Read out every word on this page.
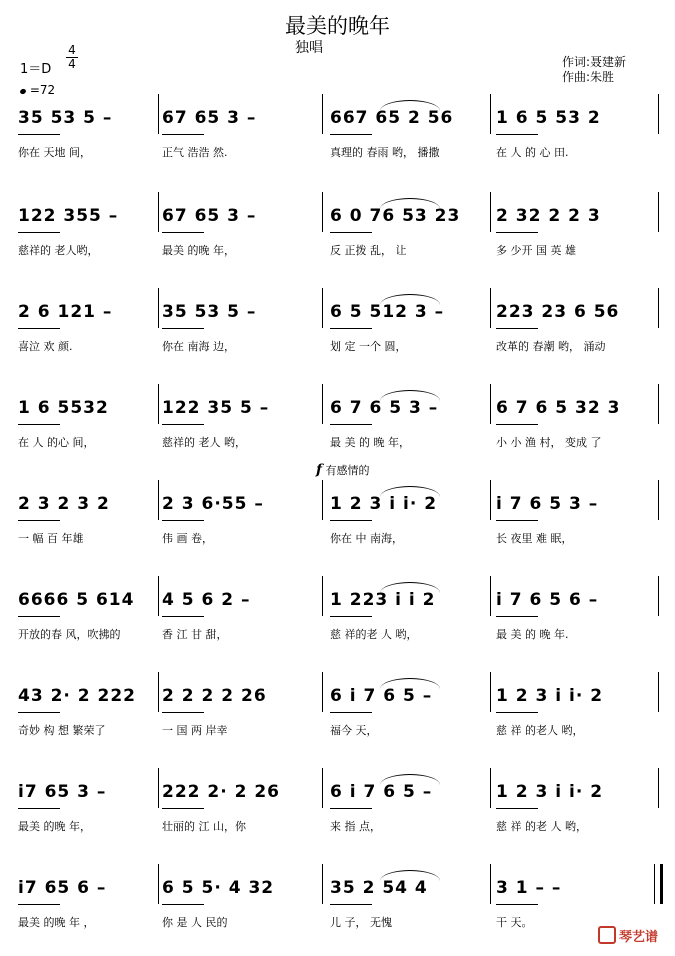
最美的晚年
独唱
1＝D
4
4
=72
作词:聂建新
作曲:朱胜
f 有感情的
35 53 5 –
你在 天地 间，
67 65 3 –
正气 浩浩 然.
667 65 2 56
真理的 春雨 哟， 播撒
1 6 5 53 2
在 人 的 心 田.
122 355 –
慈祥的 老人哟，
67 65 3 –
最美 的晚 年，
6 0 76 53 23
反 正拨 乱， 让
2 32 2 2 3
多 少开 国 英 雄
2 6 121 –
喜泣 欢 颜.
35 53 5 –
你在 南海 边，
6 5 512 3 –
划 定 一个 圆，
223 23 6 56
改革的 春潮 哟， 涌动
1 6 5532
在 人 的心 间，
122 35 5 –
慈祥的 老人 哟，
6 7 6 5 3 –
最 美 的 晚 年，
6 7 6 5 32 3
小 小 渔 村， 变成 了
2 3 2 3 2
一 幅 百 年雄
2 3 6·55 –
伟 画 卷，
1 2 3 i i· 2
你在 中 南海，
i 7 6 5 3 –
长 夜里 难 眠，
6666 5 614
开放的春 风，吹拂的
4 5 6 2 –
香 江 甘 甜，
1 223 i i 2
慈 祥的老 人 哟，
i 7 6 5 6 –
最 美 的 晚 年.
43 2· 2 222
奇妙 构 想 繁荣了
2 2 2 2 26
一 国 两 岸幸
6 i 7 6 5 –
福今 天，
1 2 3 i i· 2
慈 祥 的老人 哟，
i7 65 3 –
最美 的晚 年，
222 2· 2 26
壮丽的 江 山，你
6 i 7 6 5 –
来 指 点，
1 2 3 i i· 2
慈 祥 的老 人 哟，
i7 65 6 –
最美 的晚 年 ，
6 5 5· 4 32
你 是 人 民的
35 2 54 4
儿 子， 无愧
3 1 – –
干 天。
琴艺谱
